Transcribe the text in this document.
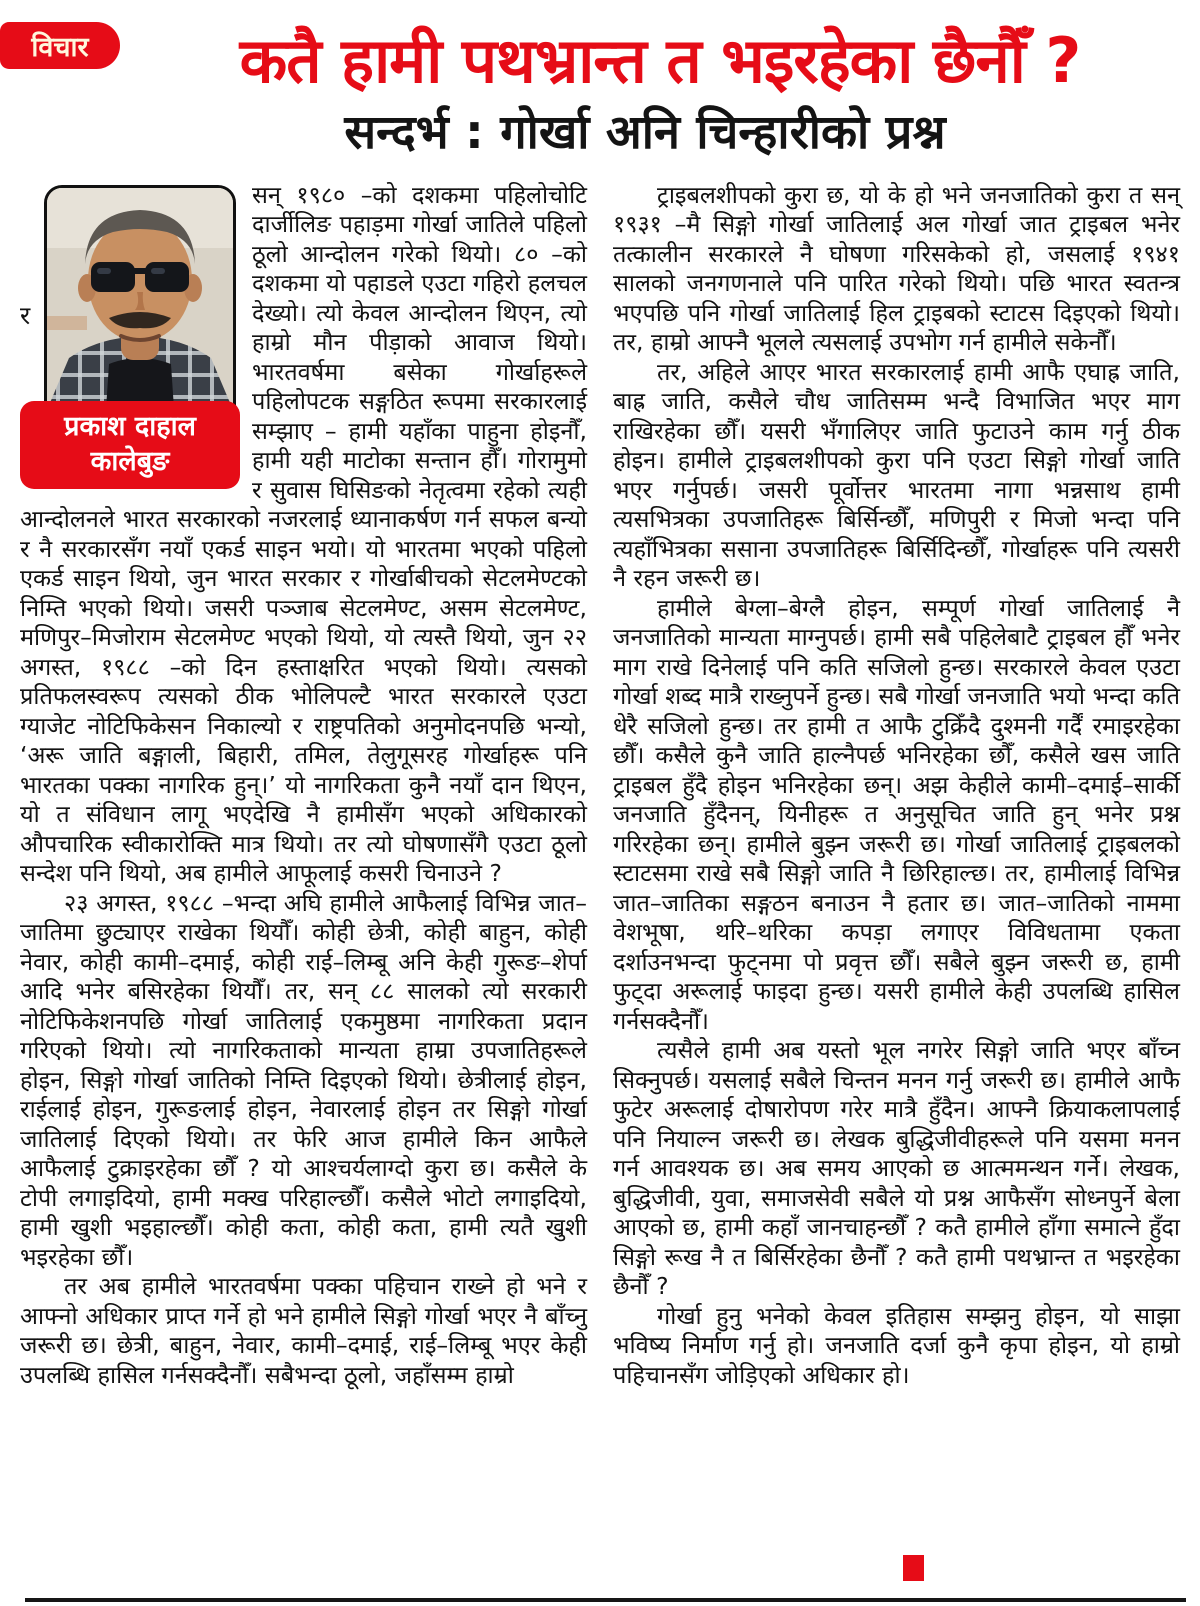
विचार	कतै हामी पथभ्रान्त त भइरहेका छैनौँ ?
सन्दर्भ : गोर्खा अनि चिन्हारीको प्रश्न
र
प्रकाश दाहाल
कालेबुङ

सन् १९८० –को दशकमा पहिलोचोटि दार्जीलिङ पहाड़मा गोर्खा जातिले पहिलो ठूलो आन्दोलन गरेको थियो। ८० –को दशकमा यो पहाडले एउटा गहिरो हलचल देख्यो। त्यो केवल आन्दोलन थिएन, त्यो हाम्रो मौन पीड़ाको आवाज थियो। भारतवर्षमा बसेका गोर्खाहरूले पहिलोपटक सङ्गठित रूपमा सरकारलाई सम्झाए – हामी यहाँका पाहुना होइनौँ, हामी यही माटोका सन्तान हौँ। गोरामुमो र सुवास घिसिङको नेतृत्वमा रहेको त्यही आन्दोलनले भारत सरकारको नजरलाई ध्यानाकर्षण गर्न सफल बन्यो र नै सरकारसँग नयाँ एकर्ड साइन भयो। यो भारतमा भएको पहिलो एकर्ड साइन थियो, जुन भारत सरकार र गोर्खाबीचको सेटलमेण्टको निम्ति भएको थियो। जसरी पञ्जाब सेटलमेण्ट, असम सेटलमेण्ट, मणिपुर–मिजोराम सेटलमेण्ट भएको थियो, यो त्यस्तै थियो, जुन २२ अगस्त, १९८८ –को दिन हस्ताक्षरित भएको थियो। त्यसको प्रतिफलस्वरूप त्यसको ठीक भोलिपल्टै भारत सरकारले एउटा ग्याजेट नोटिफिकेसन निकाल्यो र राष्ट्रपतिको अनुमोदनपछि भन्यो, ‘अरू जाति बङ्गाली, बिहारी, तमिल, तेलुगूसरह गोर्खाहरू पनि भारतका पक्का नागरिक हुन्।’ यो नागरिकता कुनै नयाँ दान थिएन, यो त संविधान लागू भएदेखि नै हामीसँग भएको अधिकारको औपचारिक स्वीकारोक्ति मात्र थियो। तर त्यो घोषणासँगै एउटा ठूलो सन्देश पनि थियो, अब हामीले आफूलाई कसरी चिनाउने ?

२३ अगस्त, १९८८ –भन्दा अघि हामीले आफैलाई विभिन्न जात–जातिमा छुट्याएर राखेका थियौँ। कोही छेत्री, कोही बाहुन, कोही नेवार, कोही कामी–दमाई, कोही राई–लिम्बू अनि केही गुरूङ–शेर्पा आदि भनेर बसिरहेका थियौँ। तर, सन् ८८ सालको त्यो सरकारी नोटिफिकेशनपछि गोर्खा जातिलाई एकमुष्ठमा नागरिकता प्रदान गरिएको थियो। त्यो नागरिकताको मान्यता हाम्रा उपजातिहरूले होइन, सिङ्गो गोर्खा जातिको निम्ति दिइएको थियो। छेत्रीलाई होइन, राईलाई होइन, गुरूङलाई होइन, नेवारलाई होइन तर सिङ्गो गोर्खा जातिलाई दिएको थियो। तर फेरि आज हामीले किन आफैले आफैलाई टुक्राइरहेका छौँ ? यो आश्चर्यलाग्दो कुरा छ। कसैले के टोपी लगाइदियो, हामी मक्ख परिहाल्छौँ। कसैले भोटो लगाइदियो, हामी खुशी भइहाल्छौँ। कोही कता, कोही कता, हामी त्यतै खुशी भइरहेका छौँ।

तर अब हामीले भारतवर्षमा पक्का पहिचान राख्ने हो भने र आफ्नो अधिकार प्राप्त गर्ने हो भने हामीले सिङ्गो गोर्खा भएर नै बाँच्नु जरूरी छ। छेत्री, बाहुन, नेवार, कामी–दमाई, राई–लिम्बू भएर केही उपलब्धि हासिल गर्नसक्दैनौँ। सबैभन्दा ठूलो, जहाँसम्म हाम्रो

ट्राइबलशीपको कुरा छ, यो के हो भने जनजातिको कुरा त सन् १९३१ –मै सिङ्गो गोर्खा जातिलाई अल गोर्खा जात ट्राइबल भनेर तत्कालीन सरकारले नै घोषणा गरिसकेको हो, जसलाई १९४१ सालको जनगणनाले पनि पारित गरेको थियो। पछि भारत स्वतन्त्र भएपछि पनि गोर्खा जातिलाई हिल ट्राइबको स्टाटस दिइएको थियो। तर, हाम्रो आफ्नै भूलले त्यसलाई उपभोग गर्न हामीले सकेनौँ।

तर, अहिले आएर भारत सरकारलाई हामी आफै एघाह्र जाति, बाह्र जाति, कसैले चौध जातिसम्म भन्दै विभाजित भएर माग राखिरहेका छौँ। यसरी भँगालिएर जाति फुटाउने काम गर्नु ठीक होइन। हामीले ट्राइबलशीपको कुरा पनि एउटा सिङ्गो गोर्खा जाति भएर गर्नुपर्छ। जसरी पूर्वोत्तर भारतमा नागा भन्नसाथ हामी त्यसभित्रका उपजातिहरू बिर्सिन्छौँ, मणिपुरी र मिजो भन्दा पनि त्यहाँभित्रका ससाना उपजातिहरू बिर्सिदिन्छौँ, गोर्खाहरू पनि त्यसरी नै रहन जरूरी छ।

हामीले बेग्ला–बेग्लै होइन, सम्पूर्ण गोर्खा जातिलाई नै जनजातिको मान्यता माग्नुपर्छ। हामी सबै पहिलेबाटै ट्राइबल हौँ भनेर माग राखे दिनेलाई पनि कति सजिलो हुन्छ। सरकारले केवल एउटा गोर्खा शब्द मात्रै राख्नुपर्ने हुन्छ। सबै गोर्खा जनजाति भयो भन्दा कति धेरै सजिलो हुन्छ। तर हामी त आफै टुक्रिँदै दुश्मनी गर्दैं रमाइरहेका छौँ। कसैले कुनै जाति हाल्नैपर्छ भनिरहेका छौँ, कसैले खस जाति ट्राइबल हुँदै होइन भनिरहेका छन्। अझ केहीले कामी–दमाई–सार्की जनजाति हुँदैनन्, यिनीहरू त अनुसूचित जाति हुन् भनेर प्रश्न गरिरहेका छन्। हामीले बुझ्न जरूरी छ। गोर्खा जातिलाई ट्राइबलको स्टाटसमा राखे सबै सिङ्गो जाति नै छिरिहाल्छ। तर, हामीलाई विभिन्न जात–जातिका सङ्गठन बनाउन नै हतार छ। जात–जातिको नाममा वेशभूषा, थरि–थरिका कपड़ा लगाएर विविधतामा एकता दर्शाउनभन्दा फुट्नमा पो प्रवृत्त छौँ। सबैले बुझ्न जरूरी छ, हामी फुट्दा अरूलाई फाइदा हुन्छ। यसरी हामीले केही उपलब्धि हासिल गर्नसक्दैनौँ।

त्यसैले हामी अब यस्तो भूल नगरेर सिङ्गो जाति भएर बाँच्न सिक्नुपर्छ। यसलाई सबैले चिन्तन मनन गर्नु जरूरी छ। हामीले आफै फुटेर अरूलाई दोषारोपण गरेर मात्रै हुँदैन। आफ्नै क्रियाकलापलाई पनि नियाल्न जरूरी छ। लेखक बुद्धिजीवीहरूले पनि यसमा मनन गर्न आवश्यक छ। अब समय आएको छ आत्ममन्थन गर्ने। लेखक, बुद्धिजीवी, युवा, समाजसेवी सबैले यो प्रश्न आफैसँग सोध्नपुर्ने बेला आएको छ, हामी कहाँ जानचाहन्छौँ ? कतै हामीले हाँगा समात्ने हुँदा सिङ्गो रूख नै त बिर्सिरहेका छैनौँ ? कतै हामी पथभ्रान्त त भइरहेका छैनौँ ?

गोर्खा हुनु भनेको केवल इतिहास सम्झनु होइन, यो साझा भविष्य निर्माण गर्नु हो। जनजाति दर्जा कुनै कृपा होइन, यो हाम्रो पहिचानसँग जोड़िएको अधिकार हो।
